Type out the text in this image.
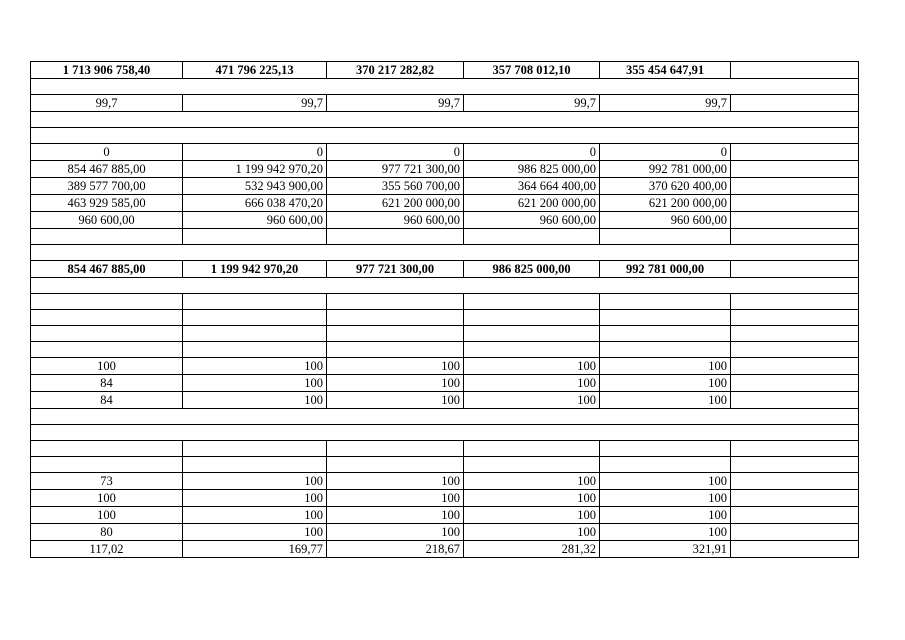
1 713 906 758,40	471 796 225,13	370 217 282,82	357 708 012,10	355 454 647,91	

99,7	99,7	99,7	99,7	99,7	

0	0	0	0	0	
854 467 885,00	1 199 942 970,20	977 721 300,00	986 825 000,00	992 781 000,00	
389 577 700,00	532 943 900,00	355 560 700,00	364 664 400,00	370 620 400,00	
463 929 585,00	666 038 470,20	621 200 000,00	621 200 000,00	621 200 000,00	
960 600,00	960 600,00	960 600,00	960 600,00	960 600,00	

854 467 885,00	1 199 942 970,20	977 721 300,00	986 825 000,00	992 781 000,00	

100	100	100	100	100	
84	100	100	100	100	
84	100	100	100	100	

73	100	100	100	100	
100	100	100	100	100	
100	100	100	100	100	
80	100	100	100	100	
117,02	169,77	218,67	281,32	321,91	
